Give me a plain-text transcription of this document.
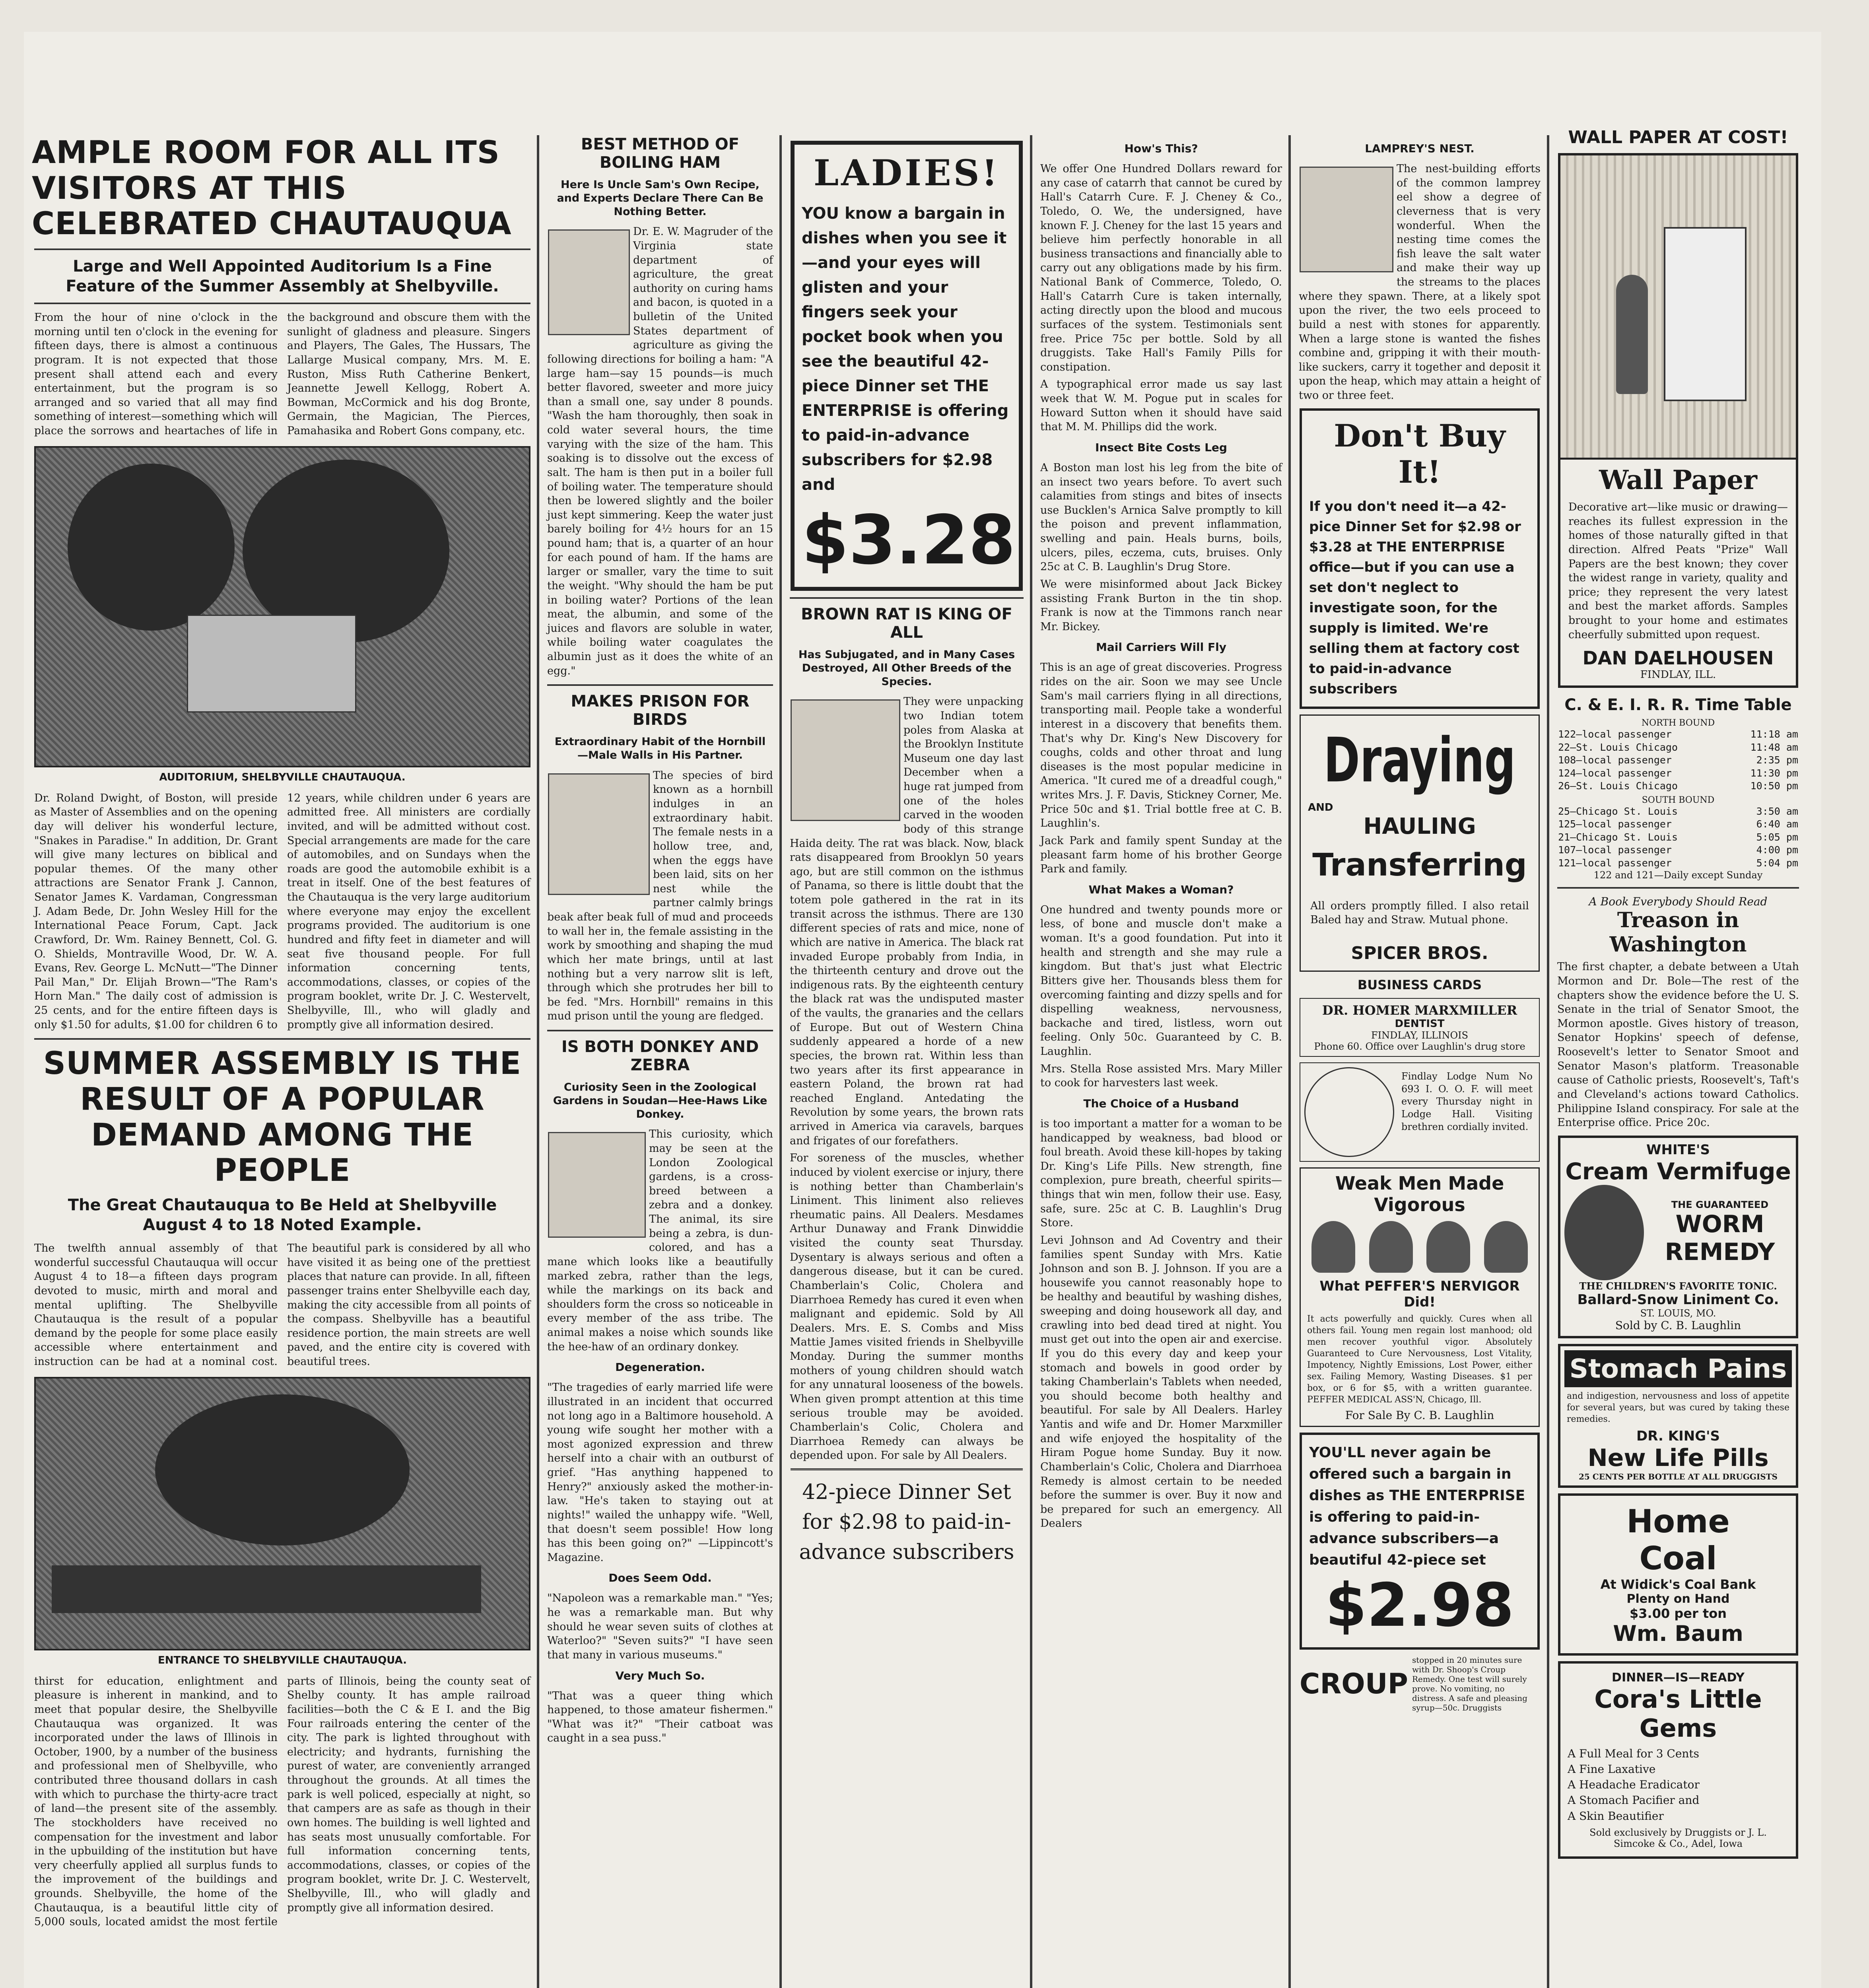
AMPLE ROOM FOR ALL ITS VISITORS AT THIS CELEBRATED CHAUTAUQUA
Large and Well Appointed Auditorium Is a Fine Feature of the Summer Assembly at Shelbyville.
From the hour of nine o'clock in the morning until ten o'clock in the evening for fifteen days, there is almost a continuous program. It is not expected that those present shall attend each and every entertainment, but the program is so arranged and so varied that all may find something of interest—something which will place the sorrows and heartaches of life in the background and obscure them with the sunlight of gladness and pleasure. Singers and Players, The Gales, The Hussars, The Lallarge Musical company, Mrs. M. E. Ruston, Miss Ruth Catherine Benkert, Jeannette Jewell Kellogg, Robert A. Bowman, McCormick and his dog Bronte, Germain, the Magician, The Pierces, Pamahasika and Robert Gons company, etc.
AUDITORIUM, SHELBYVILLE CHAUTAUQUA.
Dr. Roland Dwight, of Boston, will preside as Master of Assemblies and on the opening day will deliver his wonderful lecture, "Snakes in Paradise." In addition, Dr. Grant will give many lectures on biblical and popular themes. Of the many other attractions are Senator Frank J. Cannon, Senator James K. Vardaman, Congressman J. Adam Bede, Dr. John Wesley Hill for the International Peace Forum, Capt. Jack Crawford, Dr. Wm. Rainey Bennett, Col. G. O. Shields, Montraville Wood, Dr. W. A. Evans, Rev. George L. McNutt—"The Dinner Pail Man," Dr. Elijah Brown—"The Ram's Horn Man." The daily cost of admission is 25 cents, and for the entire fifteen days is only $1.50 for adults, $1.00 for children 6 to 12 years, while children under 6 years are admitted free. All ministers are cordially invited, and will be admitted without cost. Special arrangements are made for the care of automobiles, and on Sundays when the roads are good the automobile exhibit is a treat in itself. One of the best features of the Chautauqua is the very large auditorium where everyone may enjoy the excellent programs provided. The auditorium is one hundred and fifty feet in diameter and will seat five thousand people. For full information concerning tents, accommodations, classes, or copies of the program booklet, write Dr. J. C. Westervelt, Shelbyville, Ill., who will gladly and promptly give all information desired.
SUMMER ASSEMBLY IS THE RESULT OF A POPULAR DEMAND AMONG THE PEOPLE
The Great Chautauqua to Be Held at Shelbyville August 4 to 18 Noted Example.
The twelfth annual assembly of that wonderful successful Chautauqua will occur August 4 to 18—a fifteen days program devoted to music, mirth and moral and mental uplifting. The Shelbyville Chautauqua is the result of a popular demand by the people for some place easily accessible where entertainment and instruction can be had at a nominal cost. The beautiful park is considered by all who have visited it as being one of the prettiest places that nature can provide. In all, fifteen passenger trains enter Shelbyville each day, making the city accessible from all points of the compass. Shelbyville has a beautiful residence portion, the main streets are well paved, and the entire city is covered with beautiful trees.
ENTRANCE TO SHELBYVILLE CHAUTAUQUA.
thirst for education, enlightment and pleasure is inherent in mankind, and to meet that popular desire, the Shelbyville Chautauqua was organized. It was incorporated under the laws of Illinois in October, 1900, by a number of the business and professional men of Shelbyville, who contributed three thousand dollars in cash with which to purchase the thirty-acre tract of land—the present site of the assembly. The stockholders have received no compensation for the investment and labor in the upbuilding of the institution but have very cheerfully applied all surplus funds to the improvement of the buildings and grounds. Shelbyville, the home of the Chautauqua, is a beautiful little city of 5,000 souls, located amidst the most fertile parts of Illinois, being the county seat of Shelby county. It has ample railroad facilities—both the C & E I. and the Big Four railroads entering the center of the city. The park is lighted throughout with electricity; and hydrants, furnishing the purest of water, are conveniently arranged throughout the grounds. At all times the park is well policed, especially at night, so that campers are as safe as though in their own homes. The building is well lighted and has seats most unusually comfortable. For full information concerning tents, accommodations, classes, or copies of the program booklet, write Dr. J. C. Westervelt, Shelbyville, Ill., who will gladly and promptly give all information desired.
BEST METHOD OF BOILING HAM
Here Is Uncle Sam's Own Recipe, and Experts Declare There Can Be Nothing Better.
Dr. E. W. Magruder of the Virginia state department of agriculture, the great authority on curing hams and bacon, is quoted in a bulletin of the United States department of agriculture as giving the following directions for boiling a ham: "A large ham—say 15 pounds—is much better flavored, sweeter and more juicy than a small one, say under 8 pounds. "Wash the ham thoroughly, then soak in cold water several hours, the time varying with the size of the ham. This soaking is to dissolve out the excess of salt. The ham is then put in a boiler full of boiling water. The temperature should then be lowered slightly and the boiler just kept simmering. Keep the water just barely boiling for 4½ hours for an 15 pound ham; that is, a quarter of an hour for each pound of ham. If the hams are larger or smaller, vary the time to suit the weight. "Why should the ham be put in boiling water? Portions of the lean meat, the albumin, and some of the juices and flavors are soluble in water, while boiling water coagulates the albumin just as it does the white of an egg."
MAKES PRISON FOR BIRDS
Extraordinary Habit of the Hornbill —Male Walls in His Partner.
The species of bird known as a hornbill indulges in an extraordinary habit. The female nests in a hollow tree, and, when the eggs have been laid, sits on her nest while the partner calmly brings beak after beak full of mud and proceeds to wall her in, the female assisting in the work by smoothing and shaping the mud which her mate brings, until at last nothing but a very narrow slit is left, through which she protrudes her bill to be fed. "Mrs. Hornbill" remains in this mud prison until the young are fledged.
IS BOTH DONKEY AND ZEBRA
Curiosity Seen in the Zoological Gardens in Soudan—Hee-Haws Like Donkey.
This curiosity, which may be seen at the London Zoological gardens, is a cross-breed between a zebra and a donkey. The animal, its sire being a zebra, is dun-colored, and has a mane which looks like a beautifully marked zebra, rather than the legs, while the markings on its back and shoulders form the cross so noticeable in every member of the ass tribe. The animal makes a noise which sounds like the hee-haw of an ordinary donkey.
Degeneration.
"The tragedies of early married life were illustrated in an incident that occurred not long ago in a Baltimore household. A young wife sought her mother with a most agonized expression and threw herself into a chair with an outburst of grief. "Has anything happened to Henry?" anxiously asked the mother-in-law. "He's taken to staying out at nights!" wailed the unhappy wife. "Well, that doesn't seem possible! How long has this been going on?" —Lippincott's Magazine.
Does Seem Odd.
"Napoleon was a remarkable man." "Yes; he was a remarkable man. But why should he wear seven suits of clothes at Waterloo?" "Seven suits?" "I have seen that many in various museums."
Very Much So.
"That was a queer thing which happened, to those amateur fishermen." "What was it?" "Their catboat was caught in a sea puss."
LADIES!
YOU know a bargain in dishes when you see it—and your eyes will glisten and your fingers seek your pocket book when you see the beautiful 42-piece Dinner set THE ENTERPRISE is offering to paid-in-advance subscribers for $2.98 and
$3.28
BROWN RAT IS KING OF ALL
Has Subjugated, and in Many Cases Destroyed, All Other Breeds of the Species.
They were unpacking two Indian totem poles from Alaska at the Brooklyn Institute Museum one day last December when a huge rat jumped from one of the holes carved in the wooden body of this strange Haida deity. The rat was black. Now, black rats disappeared from Brooklyn 50 years ago, but are still common on the isthmus of Panama, so there is little doubt that the totem pole gathered in the rat in its transit across the isthmus. There are 130 different species of rats and mice, none of which are native in America. The black rat invaded Europe probably from India, in the thirteenth century and drove out the indigenous rats. By the eighteenth century the black rat was the undisputed master of the vaults, the granaries and the cellars of Europe. But out of Western China suddenly appeared a horde of a new species, the brown rat. Within less than two years after its first appearance in eastern Poland, the brown rat had reached England. Antedating the Revolution by some years, the brown rats arrived in America via caravels, barques and frigates of our forefathers.
For soreness of the muscles, whether induced by violent exercise or injury, there is nothing better than Chamberlain's Liniment. This liniment also relieves rheumatic pains. All Dealers. Mesdames Arthur Dunaway and Frank Dinwiddie visited the county seat Thursday. Dysentary is always serious and often a dangerous disease, but it can be cured. Chamberlain's Colic, Cholera and Diarrhoea Remedy has cured it even when malignant and epidemic. Sold by All Dealers. Mrs. E. S. Combs and Miss Mattie James visited friends in Shelbyville Monday. During the summer months mothers of young children should watch for any unnatural looseness of the bowels. When given prompt attention at this time serious trouble may be avoided. Chamberlain's Colic, Cholera and Diarrhoea Remedy can always be depended upon. For sale by All Dealers.
42-piece Dinner Set for $2.98 to paid-in-advance subscribers
How's This?
We offer One Hundred Dollars reward for any case of catarrh that cannot be cured by Hall's Catarrh Cure. F. J. Cheney & Co., Toledo, O. We, the undersigned, have known F. J. Cheney for the last 15 years and believe him perfectly honorable in all business transactions and financially able to carry out any obligations made by his firm. National Bank of Commerce, Toledo, O. Hall's Catarrh Cure is taken internally, acting directly upon the blood and mucous surfaces of the system. Testimonials sent free. Price 75c per bottle. Sold by all druggists. Take Hall's Family Pills for constipation.
A typographical error made us say last week that W. M. Pogue put in scales for Howard Sutton when it should have said that M. M. Phillips did the work.
Insect Bite Costs Leg
A Boston man lost his leg from the bite of an insect two years before. To avert such calamities from stings and bites of insects use Bucklen's Arnica Salve promptly to kill the poison and prevent inflammation, swelling and pain. Heals burns, boils, ulcers, piles, eczema, cuts, bruises. Only 25c at C. B. Laughlin's Drug Store.
We were misinformed about Jack Bickey assisting Frank Burton in the tin shop. Frank is now at the Timmons ranch near Mr. Bickey.
Mail Carriers Will Fly
This is an age of great discoveries. Progress rides on the air. Soon we may see Uncle Sam's mail carriers flying in all directions, transporting mail. People take a wonderful interest in a discovery that benefits them. That's why Dr. King's New Discovery for coughs, colds and other throat and lung diseases is the most popular medicine in America. "It cured me of a dreadful cough," writes Mrs. J. F. Davis, Stickney Corner, Me. Price 50c and $1. Trial bottle free at C. B. Laughlin's.
Jack Park and family spent Sunday at the pleasant farm home of his brother George Park and family.
What Makes a Woman?
One hundred and twenty pounds more or less, of bone and muscle don't make a woman. It's a good foundation. Put into it health and strength and she may rule a kingdom. But that's just what Electric Bitters give her. Thousands bless them for overcoming fainting and dizzy spells and for dispelling weakness, nervousness, backache and tired, listless, worn out feeling. Only 50c. Guaranteed by C. B. Laughlin.
Mrs. Stella Rose assisted Mrs. Mary Miller to cook for harvesters last week.
The Choice of a Husband
is too important a matter for a woman to be handicapped by weakness, bad blood or foul breath. Avoid these kill-hopes by taking Dr. King's Life Pills. New strength, fine complexion, pure breath, cheerful spirits—things that win men, follow their use. Easy, safe, sure. 25c at C. B. Laughlin's Drug Store.
Levi Johnson and Ad Coventry and their families spent Sunday with Mrs. Katie Johnson and son B. J. Johnson. If you are a housewife you cannot reasonably hope to be healthy and beautiful by washing dishes, sweeping and doing housework all day, and crawling into bed dead tired at night. You must get out into the open air and exercise. If you do this every day and keep your stomach and bowels in good order by taking Chamberlain's Tablets when needed, you should become both healthy and beautiful. For sale by All Dealers. Harley Yantis and wife and Dr. Homer Marxmiller and wife enjoyed the hospitality of the Hiram Pogue home Sunday. Buy it now. Chamberlain's Colic, Cholera and Diarrhoea Remedy is almost certain to be needed before the summer is over. Buy it now and be prepared for such an emergency. All Dealers
LAMPREY'S NEST.
The nest-building efforts of the common lamprey eel show a degree of cleverness that is very wonderful. When the nesting time comes the fish leave the salt water and make their way up the streams to the places where they spawn. There, at a likely spot upon the river, the two eels proceed to build a nest with stones for apparently. When a large stone is wanted the fishes combine and, gripping it with their mouth-like suckers, carry it together and deposit it upon the heap, which may attain a height of two or three feet.
Don't Buy It!
If you don't need it—a 42-pice Dinner Set for $2.98 or $3.28 at THE ENTERPRISE office—but if you can use a set don't neglect to investigate soon, for the supply is limited. We're selling them at factory cost to paid-in-advance subscribers
Draying
AND
HAULING
Transferring
All orders promptly filled. I also retail Baled hay and Straw. Mutual phone.
SPICER BROS.
BUSINESS CARDS
DR. HOMER MARXMILLER
DENTIST
FINDLAY, ILLINOIS
Phone 60. Office over Laughlin's drug store
Findlay Lodge Num No 693 I. O. O. F. will meet every Thursday night in Lodge Hall. Visiting brethren cordially invited.
Weak Men Made Vigorous
What PEFFER'S NERVIGOR Did!
It acts powerfully and quickly. Cures when all others fail. Young men regain lost manhood; old men recover youthful vigor. Absolutely Guaranteed to Cure Nervousness, Lost Vitality, Impotency, Nightly Emissions, Lost Power, either sex. Failing Memory, Wasting Diseases. $1 per box, or 6 for $5, with a written guarantee. PEFFER MEDICAL ASS'N, Chicago, Ill.
For Sale By C. B. Laughlin
YOU'LL never again be offered such a bargain in dishes as THE ENTERPRISE is offering to paid-in-advance subscribers—a beautiful 42-piece set
$2.98
CROUP
stopped in 20 minutes sure with Dr. Shoop's Croup Remedy. One test will surely prove. No vomiting, no distress. A safe and pleasing syrup—50c. Druggists
WALL PAPER AT COST!
Wall Paper
Decorative art—like music or drawing—reaches its fullest expression in the homes of those naturally gifted in that direction. Alfred Peats "Prize" Wall Papers are the best known; they cover the widest range in variety, quality and price; they represent the very latest and best the market affords. Samples brought to your home and estimates cheerfully submitted upon request.
DAN DAELHOUSEN
FINDLAY, ILL.
C. & E. I. R. R. Time Table
NORTH BOUND
122—local passenger	11:18 am
22—St. Louis Chicago	11:48 am
108—local passenger	2:35 pm
124—local passenger	11:30 pm
26—St. Louis Chicago	10:50 pm
SOUTH BOUND
25—Chicago St. Louis	3:50 am
125—local passenger	6:40 am
21—Chicago St. Louis	5:05 pm
107—local passenger	4:00 pm
121—local passenger	5:04 pm
122 and 121—Daily except Sunday
A Book Everybody Should Read
Treason in Washington
The first chapter, a debate between a Utah Mormon and Dr. Bole—The rest of the chapters show the evidence before the U. S. Senate in the trial of Senator Smoot, the Mormon apostle. Gives history of treason, Senator Hopkins' speech of defense, Roosevelt's letter to Senator Smoot and Senator Mason's platform. Treasonable cause of Catholic priests, Roosevelt's, Taft's and Cleveland's actions toward Catholics. Philippine Island conspiracy. For sale at the Enterprise office. Price 20c.
WHITE'S
Cream Vermifuge
THE GUARANTEED
WORM REMEDY
THE CHILDREN'S FAVORITE TONIC.
Ballard-Snow Liniment Co.
ST. LOUIS, MO.
Sold by C. B. Laughlin
Stomach Pains
and indigestion, nervousness and loss of appetite for several years, but was cured by taking these remedies.
DR. KING'S
New Life Pills
25 CENTS PER BOTTLE AT ALL DRUGGISTS
Home
Coal
At Widick's Coal Bank
Plenty on Hand
$3.00 per ton
Wm. Baum
DINNER—IS—READY
Cora's Little Gems
A Full Meal for 3 Cents
A Fine Laxative
A Headache Eradicator
A Stomach Pacifier and
A Skin Beautifier
Sold exclusively by Druggists or J. L. Simcoke & Co., Adel, Iowa
